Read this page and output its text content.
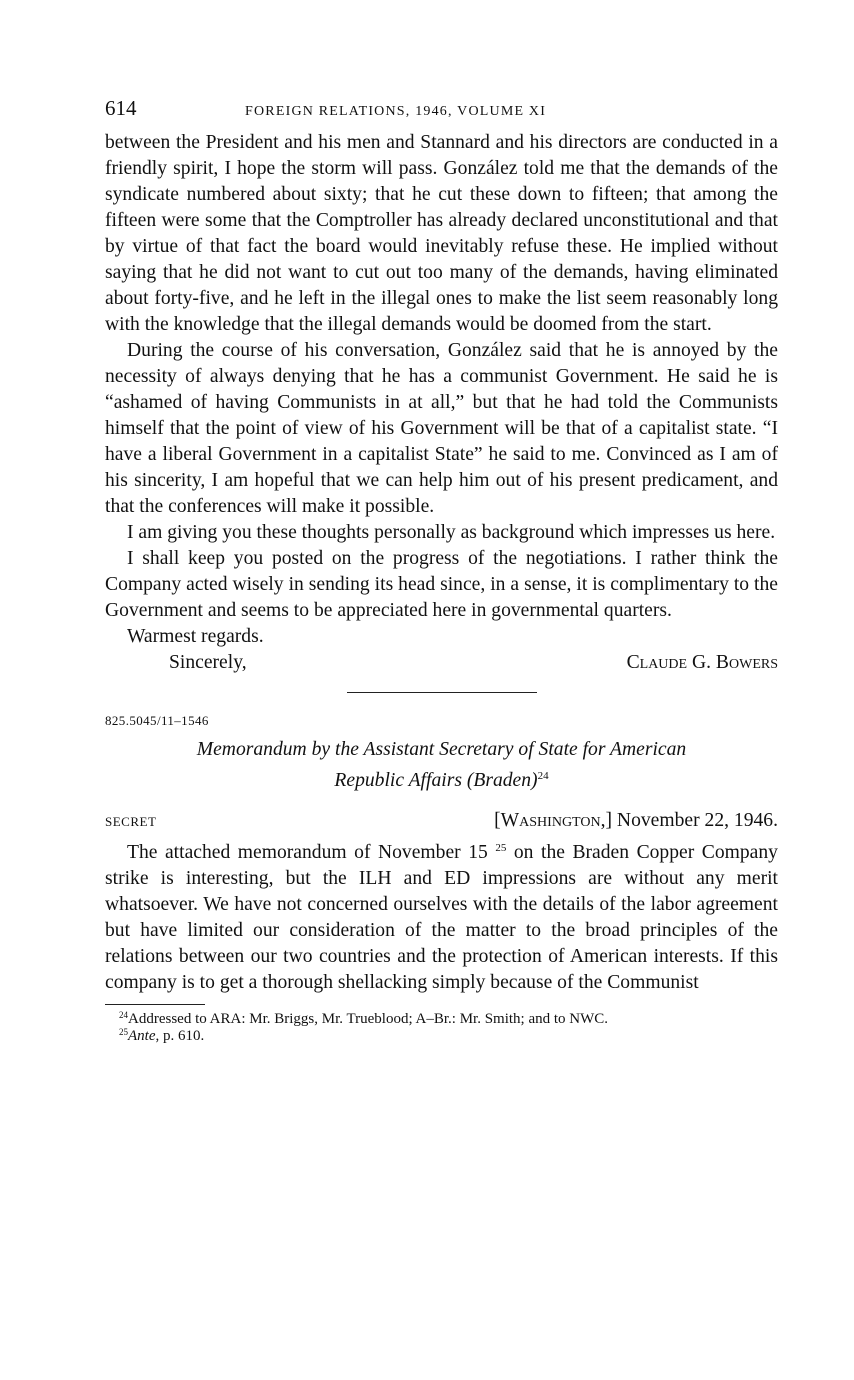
614	FOREIGN RELATIONS, 1946, VOLUME XI

between the President and his men and Stannard and his directors are conducted in a friendly spirit, I hope the storm will pass. González told me that the demands of the syndicate numbered about sixty; that he cut these down to fifteen; that among the fifteen were some that the Comptroller has already declared unconstitutional and that by virtue of that fact the board would inevitably refuse these. He implied without saying that he did not want to cut out too many of the demands, having eliminated about forty-five, and he left in the illegal ones to make the list seem reasonably long with the knowledge that the illegal demands would be doomed from the start.

During the course of his conversation, González said that he is annoyed by the necessity of always denying that he has a communist Government. He said he is “ashamed of having Communists in at all,” but that he had told the Communists himself that the point of view of his Government will be that of a capitalist state. “I have a liberal Government in a capitalist State” he said to me. Convinced as I am of his sincerity, I am hopeful that we can help him out of his present predicament, and that the conferences will make it possible.

I am giving you these thoughts personally as background which impresses us here.

I shall keep you posted on the progress of the negotiations. I rather think the Company acted wisely in sending its head since, in a sense, it is complimentary to the Government and seems to be appreciated here in governmental quarters.

Warmest regards.
Sincerely,	Claude G. Bowers
825.5045/11–1546
Memorandum by the Assistant Secretary of State for American
Republic Affairs (Braden)$^{24}$
SECRET	[Washington,] November 22, 1946.

The attached memorandum of November 15 $^{25}$ on the Braden Copper Company strike is interesting, but the ILH and ED impressions are without any merit whatsoever. We have not concerned ourselves with the details of the labor agreement but have limited our consideration of the matter to the broad principles of the relations between our two countries and the protection of American interests. If this company is to get a thorough shellacking simply because of the Communist

$^{24}$Addressed to ARA: Mr. Briggs, Mr. Trueblood; A–Br.: Mr. Smith; and to NWC.

$^{25}$Ante, p. 610.
